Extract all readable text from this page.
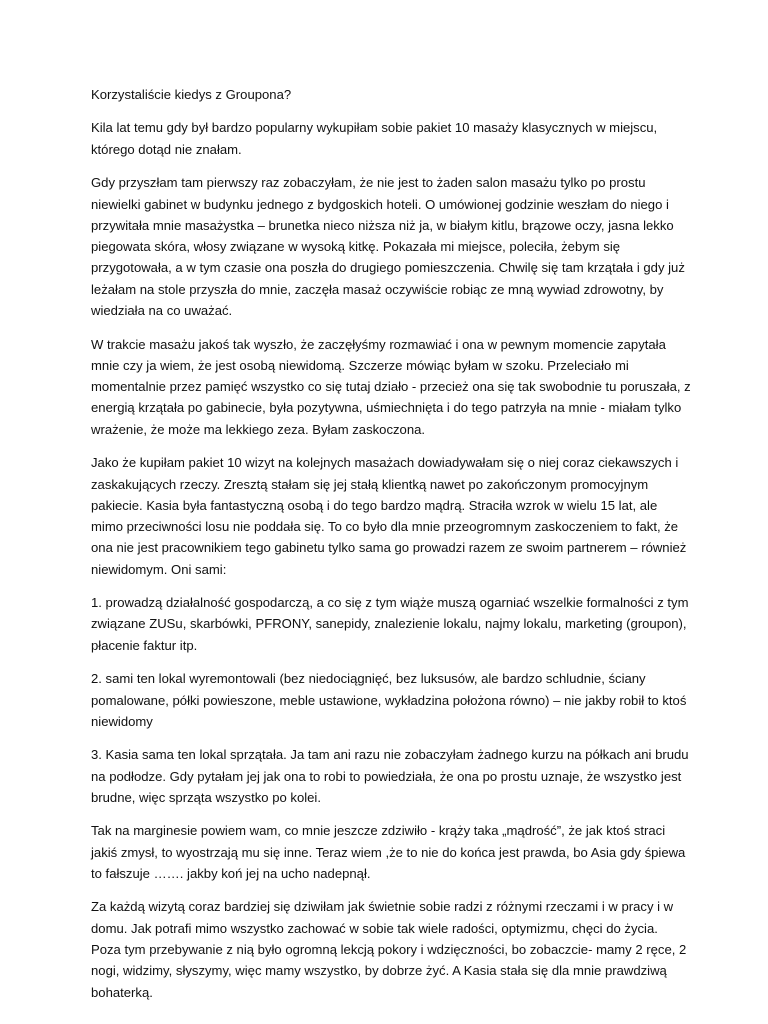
Korzystaliście kiedys z Groupona?

Kila lat temu gdy był bardzo popularny wykupiłam sobie pakiet 10 masaży klasycznych w miejscu, którego dotąd nie znałam.

Gdy przyszłam tam pierwszy raz zobaczyłam, że nie jest to żaden salon masażu tylko po prostu niewielki gabinet w budynku jednego z bydgoskich hoteli. O umówionej godzinie weszłam do niego i przywitała mnie masażystka – brunetka nieco niższa niż ja, w białym kitlu, brązowe oczy, jasna lekko piegowata skóra, włosy związane w wysoką kitkę. Pokazała mi miejsce, poleciła, żebym się przygotowała, a w tym czasie ona poszła do drugiego pomieszczenia. Chwilę się tam krzątała i gdy już leżałam na stole przyszła do mnie, zaczęła masaż oczywiście robiąc ze mną wywiad zdrowotny, by wiedziała na co uważać.

W trakcie masażu jakoś tak wyszło, że zaczęłyśmy rozmawiać i ona w pewnym momencie zapytała mnie czy ja wiem, że jest osobą niewidomą. Szczerze mówiąc byłam w szoku. Przeleciało mi momentalnie przez pamięć wszystko co się tutaj działo - przecież ona się tak swobodnie tu poruszała, z energią krzątała po gabinecie, była pozytywna, uśmiechnięta i do tego patrzyła na mnie - miałam tylko wrażenie, że może ma lekkiego zeza. Byłam zaskoczona.

Jako że kupiłam pakiet 10 wizyt na kolejnych masażach dowiadywałam się o niej coraz ciekawszych i zaskakujących rzeczy. Zresztą stałam się jej stałą klientką nawet po zakończonym promocyjnym pakiecie. Kasia była fantastyczną osobą i do tego bardzo mądrą. Straciła wzrok w wielu 15 lat, ale mimo przeciwności losu nie poddała się. To co było dla mnie przeogromnym zaskoczeniem to fakt, że ona nie jest pracownikiem tego gabinetu tylko sama go prowadzi razem ze swoim partnerem – również niewidomym. Oni sami:

1. prowadzą działalność gospodarczą, a co się z tym wiąże muszą ogarniać wszelkie formalności z tym związane ZUSu, skarbówki, PFRONY, sanepidy, znalezienie lokalu, najmy lokalu, marketing (groupon), płacenie faktur itp.

2. sami ten lokal wyremontowali (bez niedociągnięć, bez luksusów, ale bardzo schludnie, ściany pomalowane, półki powieszone, meble ustawione, wykładzina położona równo) – nie jakby robił to ktoś niewidomy

3. Kasia sama ten lokal sprzątała. Ja tam ani razu nie zobaczyłam żadnego kurzu na półkach ani brudu na podłodze. Gdy pytałam jej jak ona to robi to powiedziała, że ona po prostu uznaje, że wszystko jest brudne, więc sprząta wszystko po kolei.

Tak na marginesie powiem wam, co mnie jeszcze zdziwiło - krąży taka „mądrość”, że jak ktoś straci jakiś zmysł, to wyostrzają mu się inne. Teraz wiem ,że to nie do końca jest prawda, bo Asia gdy śpiewa to fałszuje ……. jakby koń jej na ucho nadepnął.

Za każdą wizytą coraz bardziej się dziwiłam jak świetnie sobie radzi z różnymi rzeczami i w pracy i w domu. Jak potrafi mimo wszystko zachować w sobie tak wiele radości, optymizmu, chęci do życia. Poza tym przebywanie z nią było ogromną lekcją pokory i wdzięczności, bo zobaczcie- mamy 2 ręce, 2 nogi, widzimy, słyszymy, więc mamy wszystko, by dobrze żyć. A Kasia stała się dla mnie prawdziwą bohaterką.
